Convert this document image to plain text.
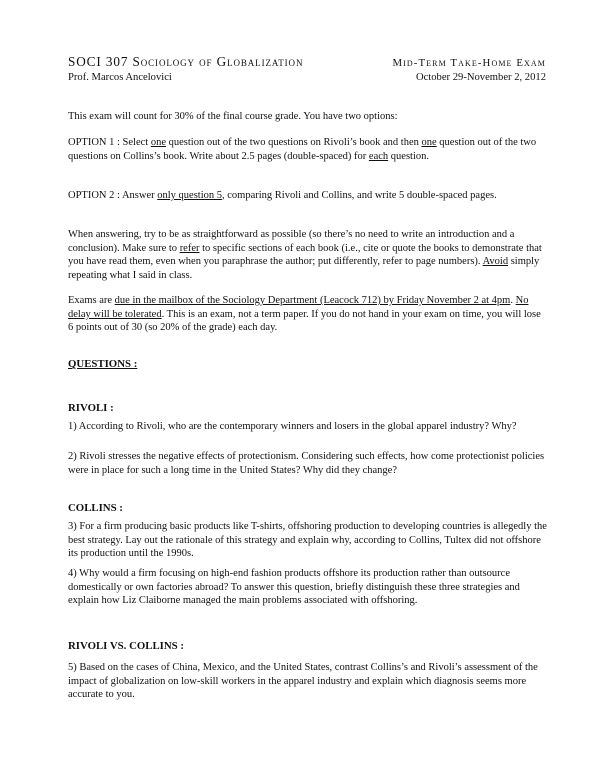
SOCI 307 Sociology of Globalization	Mid-Term Take-Home Exam
Prof. Marcos Ancelovici	October 29-November 2, 2012

This exam will count for 30% of the final course grade. You have two options:

OPTION 1 : Select one question out of the two questions on Rivoli’s book and then one question out of the two questions on Collins’s book. Write about 2.5 pages (double-spaced) for each question.

OPTION 2 : Answer only question 5, comparing Rivoli and Collins, and write 5 double-spaced pages.

When answering, try to be as straightforward as possible (so there’s no need to write an introduction and a conclusion). Make sure to refer to specific sections of each book (i.e., cite or quote the books to demonstrate that you have read them, even when you paraphrase the author; put differently, refer to page numbers). Avoid simply repeating what I said in class.

Exams are due in the mailbox of the Sociology Department (Leacock 712) by Friday November 2 at 4pm. No delay will be tolerated. This is an exam, not a term paper. If you do not hand in your exam on time, you will lose 6 points out of 30 (so 20% of the grade) each day.

QUESTIONS :
RIVOLI :

1) According to Rivoli, who are the contemporary winners and losers in the global apparel industry? Why?

2) Rivoli stresses the negative effects of protectionism. Considering such effects, how come protectionist policies were in place for such a long time in the United States? Why did they change?

COLLINS :

3) For a firm producing basic products like T-shirts, offshoring production to developing countries is allegedly the best strategy. Lay out the rationale of this strategy and explain why, according to Collins, Tultex did not offshore its production until the 1990s.

4) Why would a firm focusing on high-end fashion products offshore its production rather than outsource domestically or own factories abroad? To answer this question, briefly distinguish these three strategies and explain how Liz Claiborne managed the main problems associated with offshoring.

RIVOLI VS. COLLINS :

5) Based on the cases of China, Mexico, and the United States, contrast Collins’s and Rivoli’s assessment of the impact of globalization on low-skill workers in the apparel industry and explain which diagnosis seems more accurate to you.
